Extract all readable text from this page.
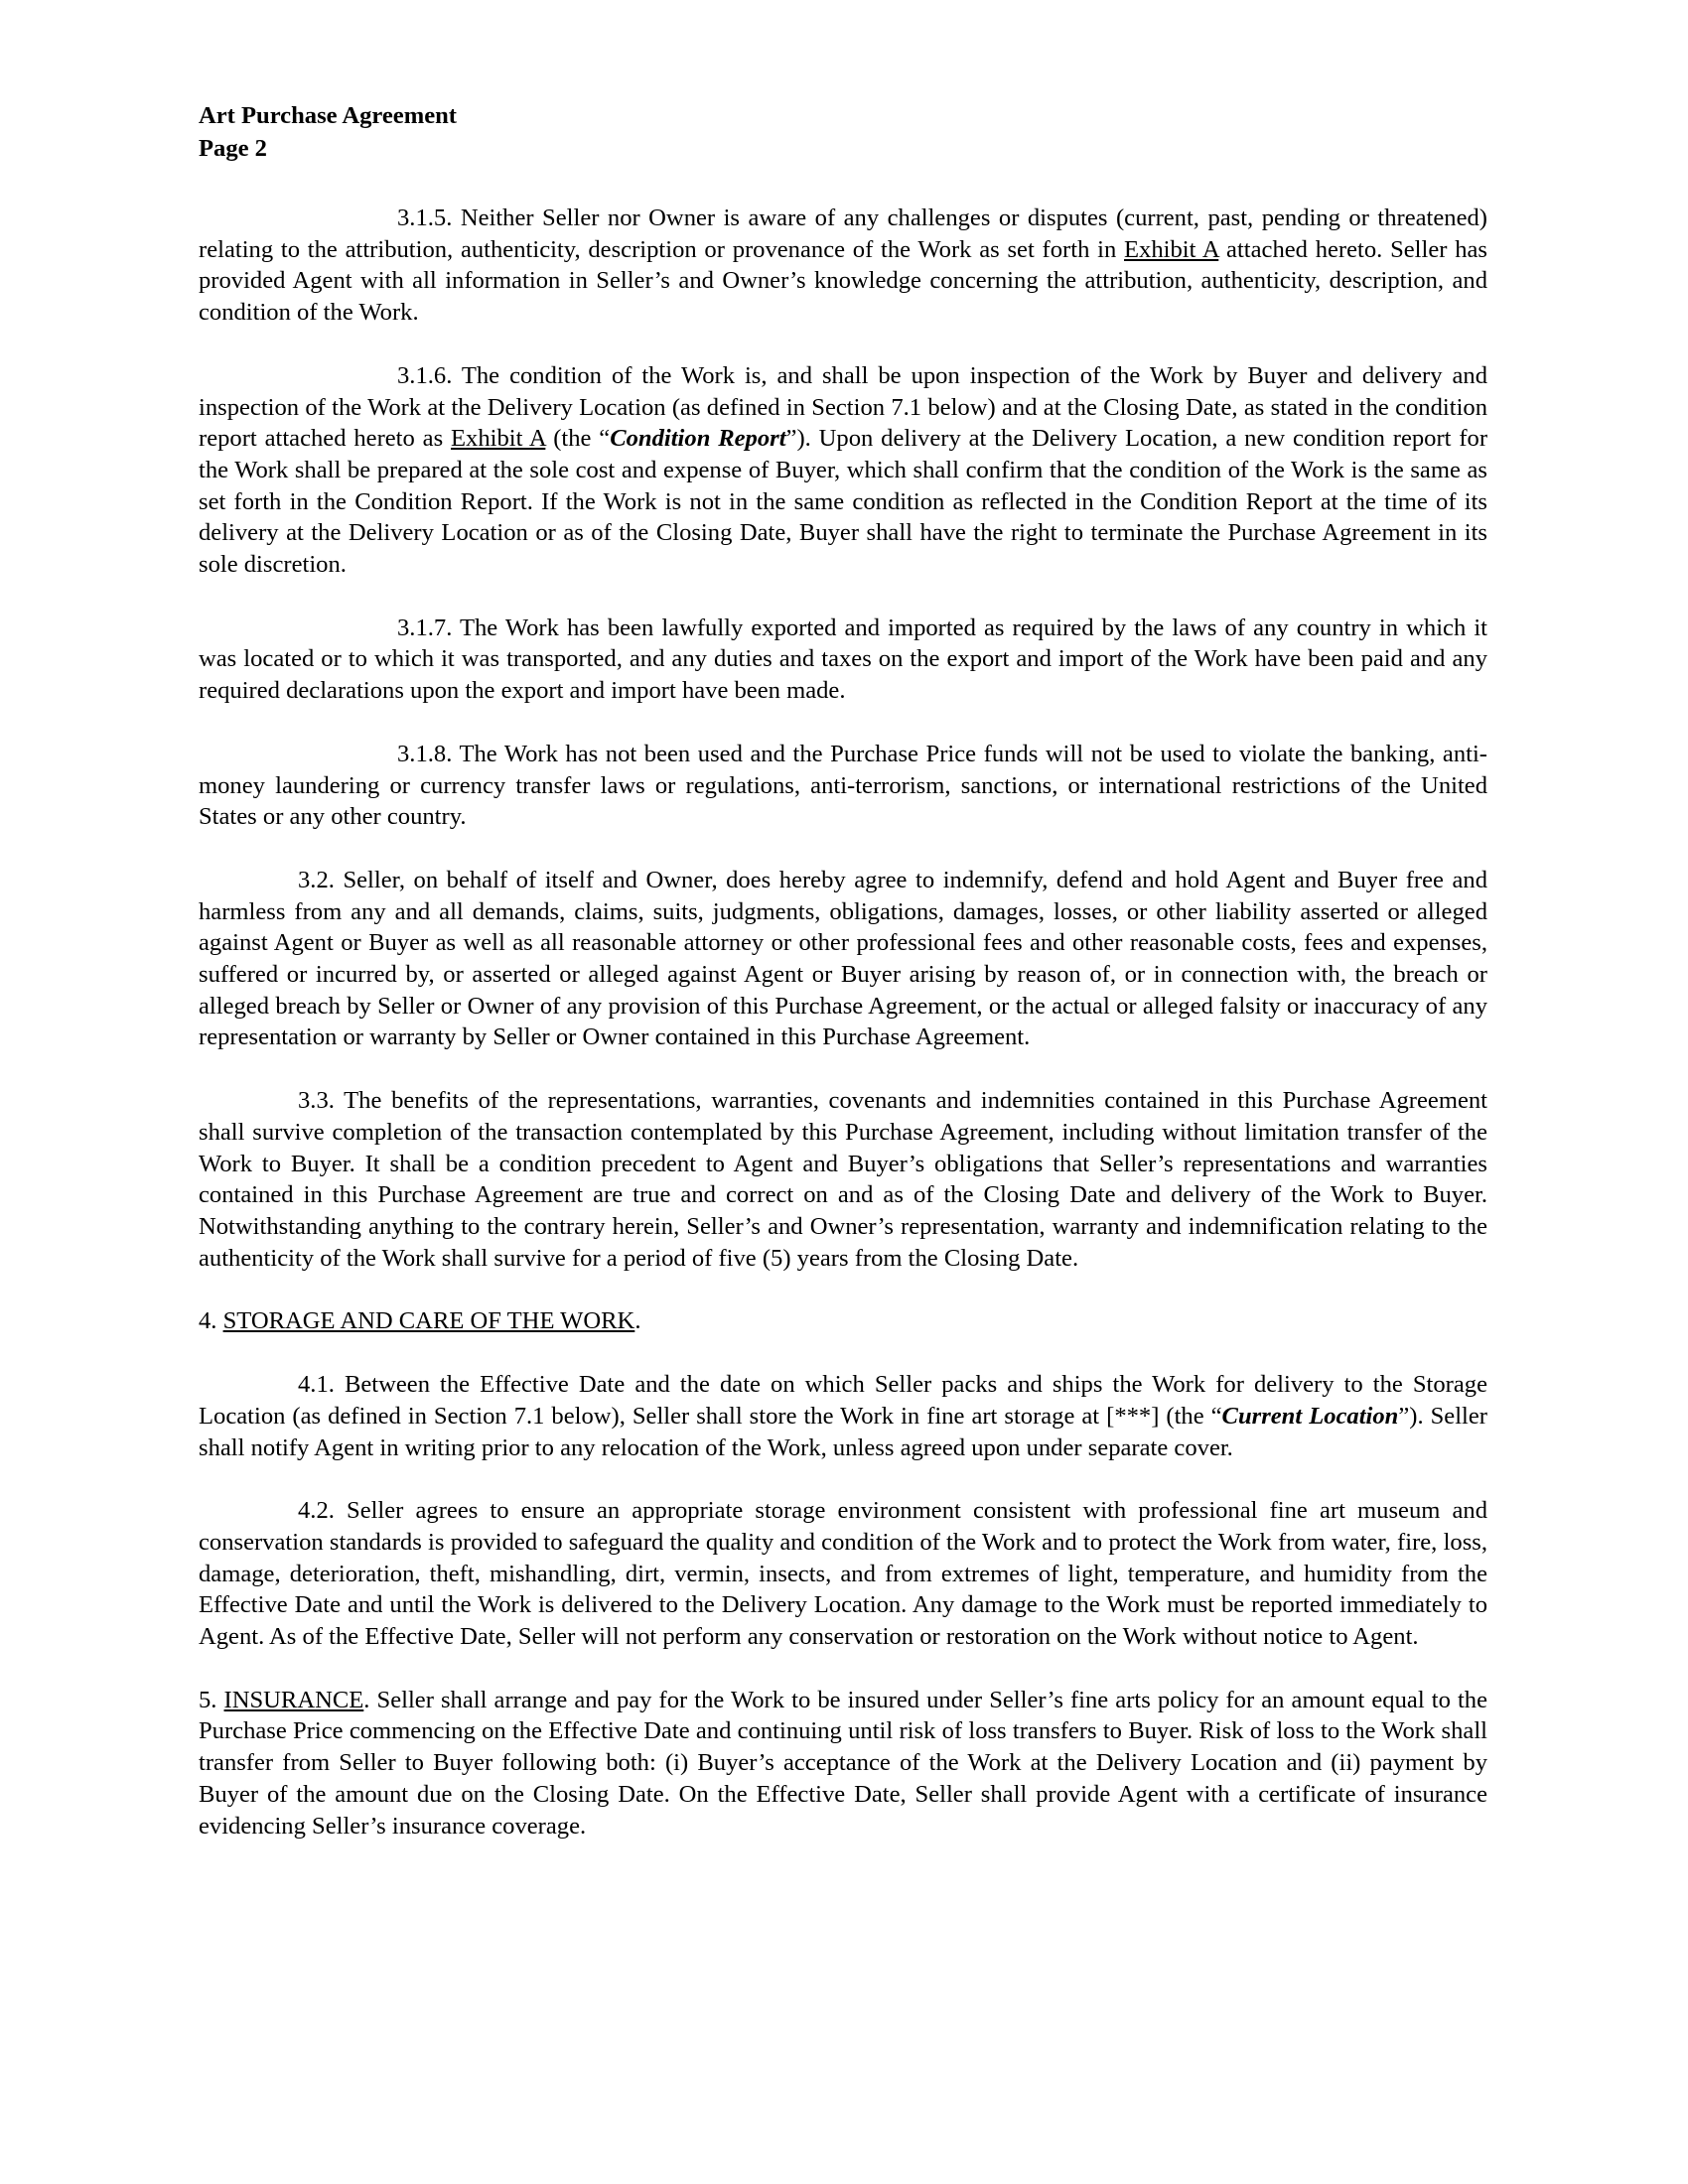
Art Purchase Agreement
Page 2

3.1.5. Neither Seller nor Owner is aware of any challenges or disputes (current, past, pending or threatened) relating to the attribution, authenticity, description or provenance of the Work as set forth in Exhibit A attached hereto. Seller has provided Agent with all information in Seller’s and Owner’s knowledge concerning the attribution, authenticity, description, and condition of the Work.

3.1.6. The condition of the Work is, and shall be upon inspection of the Work by Buyer and delivery and inspection of the Work at the Delivery Location (as defined in Section 7.1 below) and at the Closing Date, as stated in the condition report attached hereto as Exhibit A (the “Condition Report”). Upon delivery at the Delivery Location, a new condition report for the Work shall be prepared at the sole cost and expense of Buyer, which shall confirm that the condition of the Work is the same as set forth in the Condition Report. If the Work is not in the same condition as reflected in the Condition Report at the time of its delivery at the Delivery Location or as of the Closing Date, Buyer shall have the right to terminate the Purchase Agreement in its sole discretion.

3.1.7. The Work has been lawfully exported and imported as required by the laws of any country in which it was located or to which it was transported, and any duties and taxes on the export and import of the Work have been paid and any required declarations upon the export and import have been made.

3.1.8. The Work has not been used and the Purchase Price funds will not be used to violate the banking, anti-money laundering or currency transfer laws or regulations, anti-terrorism, sanctions, or international restrictions of the United States or any other country.

3.2. Seller, on behalf of itself and Owner, does hereby agree to indemnify, defend and hold Agent and Buyer free and harmless from any and all demands, claims, suits, judgments, obligations, damages, losses, or other liability asserted or alleged against Agent or Buyer as well as all reasonable attorney or other professional fees and other reasonable costs, fees and expenses, suffered or incurred by, or asserted or alleged against Agent or Buyer arising by reason of, or in connection with, the breach or alleged breach by Seller or Owner of any provision of this Purchase Agreement, or the actual or alleged falsity or inaccuracy of any representation or warranty by Seller or Owner contained in this Purchase Agreement.

3.3. The benefits of the representations, warranties, covenants and indemnities contained in this Purchase Agreement shall survive completion of the transaction contemplated by this Purchase Agreement, including without limitation transfer of the Work to Buyer. It shall be a condition precedent to Agent and Buyer’s obligations that Seller’s representations and warranties contained in this Purchase Agreement are true and correct on and as of the Closing Date and delivery of the Work to Buyer. Notwithstanding anything to the contrary herein, Seller’s and Owner’s representation, warranty and indemnification relating to the authenticity of the Work shall survive for a period of five (5) years from the Closing Date.

4. STORAGE AND CARE OF THE WORK.

4.1. Between the Effective Date and the date on which Seller packs and ships the Work for delivery to the Storage Location (as defined in Section 7.1 below), Seller shall store the Work in fine art storage at [***] (the “Current Location”). Seller shall notify Agent in writing prior to any relocation of the Work, unless agreed upon under separate cover.

4.2. Seller agrees to ensure an appropriate storage environment consistent with professional fine art museum and conservation standards is provided to safeguard the quality and condition of the Work and to protect the Work from water, fire, loss, damage, deterioration, theft, mishandling, dirt, vermin, insects, and from extremes of light, temperature, and humidity from the Effective Date and until the Work is delivered to the Delivery Location. Any damage to the Work must be reported immediately to Agent. As of the Effective Date, Seller will not perform any conservation or restoration on the Work without notice to Agent.

5. INSURANCE. Seller shall arrange and pay for the Work to be insured under Seller’s fine arts policy for an amount equal to the Purchase Price commencing on the Effective Date and continuing until risk of loss transfers to Buyer. Risk of loss to the Work shall transfer from Seller to Buyer following both: (i) Buyer’s acceptance of the Work at the Delivery Location and (ii) payment by Buyer of the amount due on the Closing Date. On the Effective Date, Seller shall provide Agent with a certificate of insurance evidencing Seller’s insurance coverage.
